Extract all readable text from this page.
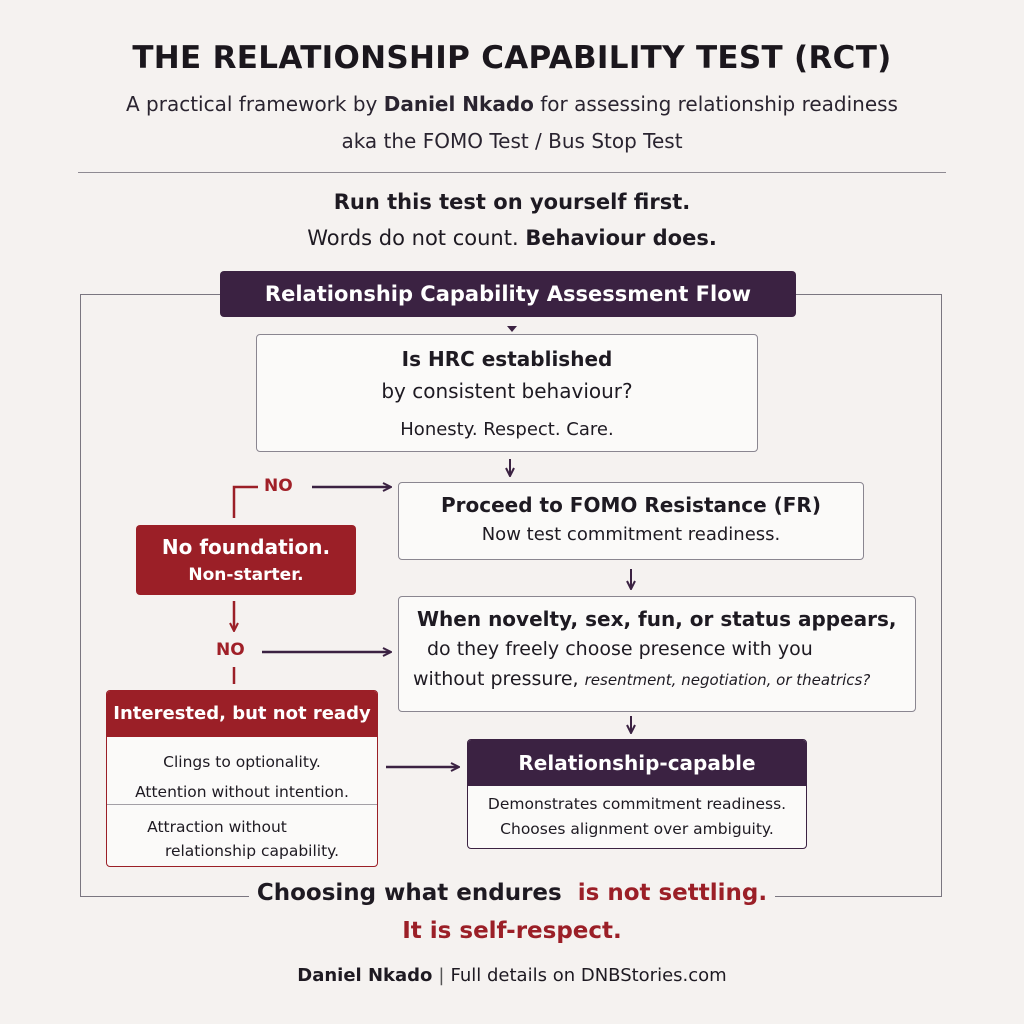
THE RELATIONSHIP CAPABILITY TEST (RCT)
A practical framework by Daniel Nkado for assessing relationship readiness
aka the FOMO Test / Bus Stop Test
Run this test on yourself first.
Words do not count. Behaviour does.
Relationship Capability Assessment Flow
Is HRC established
by consistent behaviour?
Honesty. Respect. Care.
NO
Proceed to FOMO Resistance (FR)
Now test commitment readiness.
No foundation.
Non-starter.
NO
When novelty, sex, fun, or status appears,
do they freely choose presence with you
without pressure, resentment, negotiation, or theatrics?
Interested, but not ready
Clings to optionality.
Attention without intention.
Attraction without
relationship capability.
Relationship-capable
Demonstrates commitment readiness.
Chooses alignment over ambiguity.
Choosing what endures is not settling.
It is self-respect.
Daniel Nkado | Full details on DNBStories.com
